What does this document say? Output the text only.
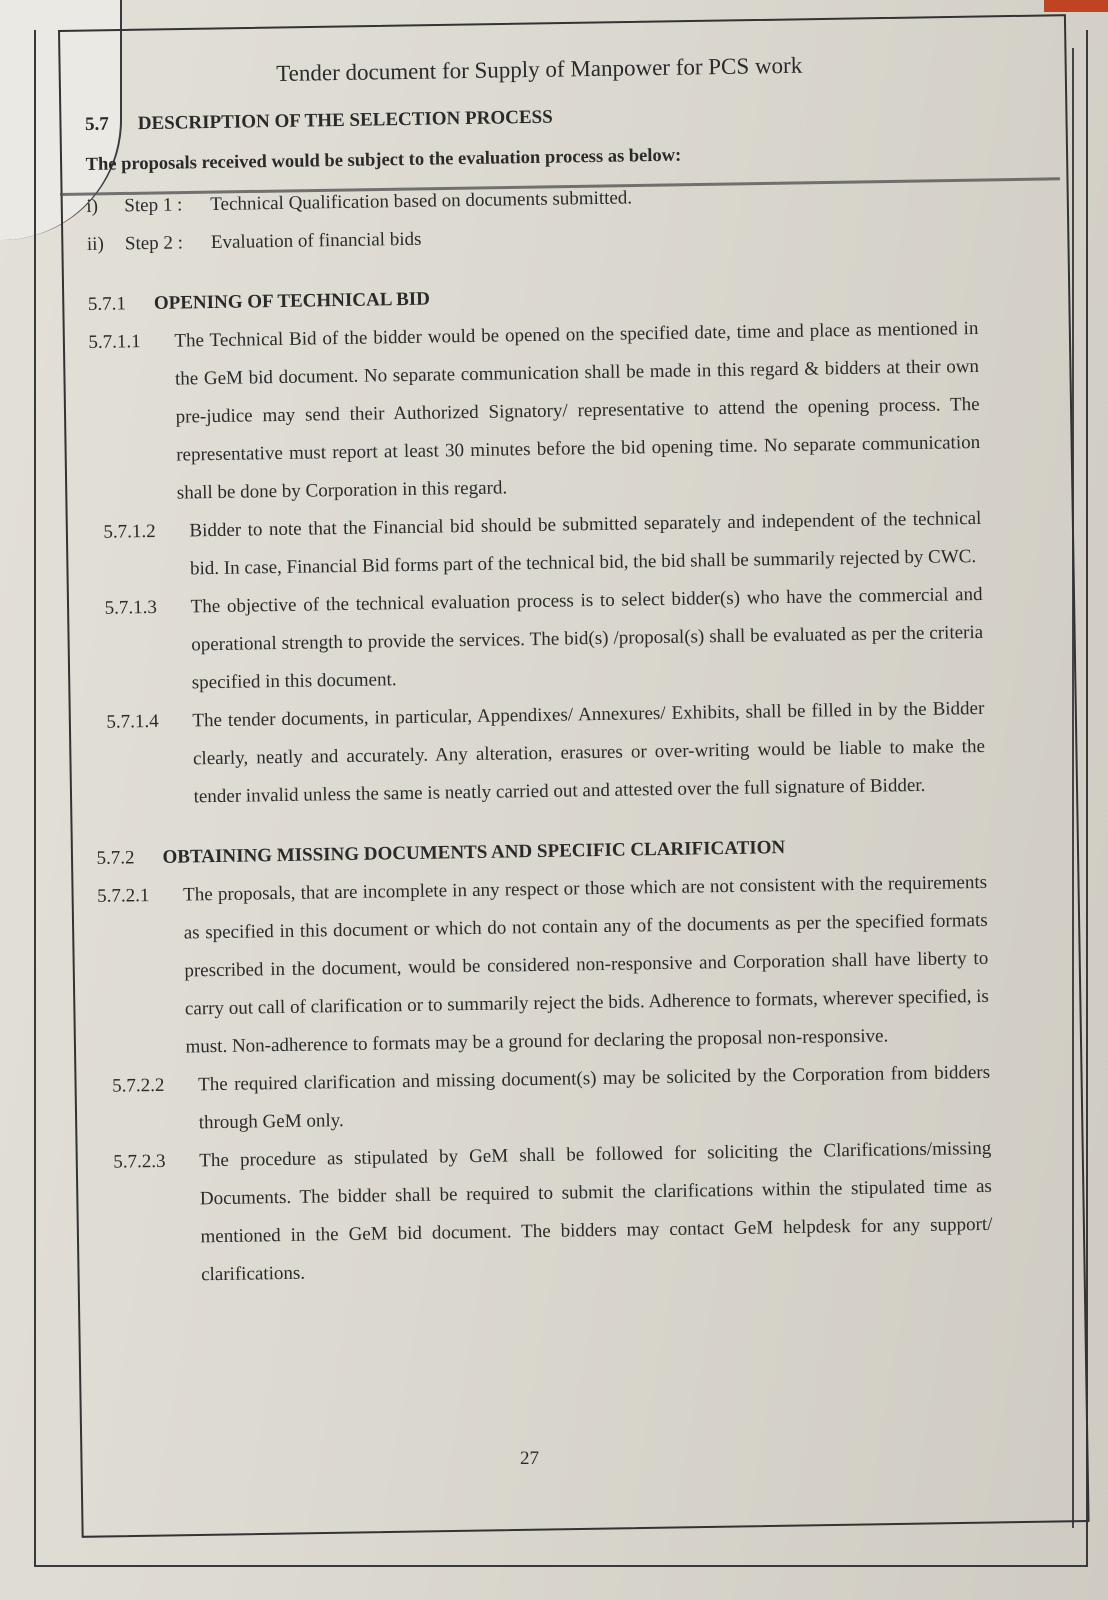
Tender document for Supply of Manpower for PCS work
5.7 DESCRIPTION OF THE SELECTION PROCESS
The proposals received would be subject to the evaluation process as below:
i) Step 1 : Technical Qualification based on documents submitted.
ii) Step 2 : Evaluation of financial bids
5.7.1 OPENING OF TECHNICAL BID
5.7.1.1 The Technical Bid of the bidder would be opened on the specified date, time and place as mentioned in the GeM bid document. No separate communication shall be made in this regard & bidders at their own pre-judice may send their Authorized Signatory/ representative to attend the opening process. The representative must report at least 30 minutes before the bid opening time. No separate communication shall be done by Corporation in this regard.
5.7.1.2 Bidder to note that the Financial bid should be submitted separately and independent of the technical bid. In case, Financial Bid forms part of the technical bid, the bid shall be summarily rejected by CWC.
5.7.1.3 The objective of the technical evaluation process is to select bidder(s) who have the commercial and operational strength to provide the services. The bid(s) /proposal(s) shall be evaluated as per the criteria specified in this document.
5.7.1.4 The tender documents, in particular, Appendixes/ Annexures/ Exhibits, shall be filled in by the Bidder clearly, neatly and accurately. Any alteration, erasures or over-writing would be liable to make the tender invalid unless the same is neatly carried out and attested over the full signature of Bidder.
5.7.2 OBTAINING MISSING DOCUMENTS AND SPECIFIC CLARIFICATION
5.7.2.1 The proposals, that are incomplete in any respect or those which are not consistent with the requirements as specified in this document or which do not contain any of the documents as per the specified formats prescribed in the document, would be considered non-responsive and Corporation shall have liberty to carry out call of clarification or to summarily reject the bids. Adherence to formats, wherever specified, is must. Non-adherence to formats may be a ground for declaring the proposal non-responsive.
5.7.2.2 The required clarification and missing document(s) may be solicited by the Corporation from bidders through GeM only.
5.7.2.3 The procedure as stipulated by GeM shall be followed for soliciting the Clarifications/missing Documents. The bidder shall be required to submit the clarifications within the stipulated time as mentioned in the GeM bid document. The bidders may contact GeM helpdesk for any support/ clarifications.
27
